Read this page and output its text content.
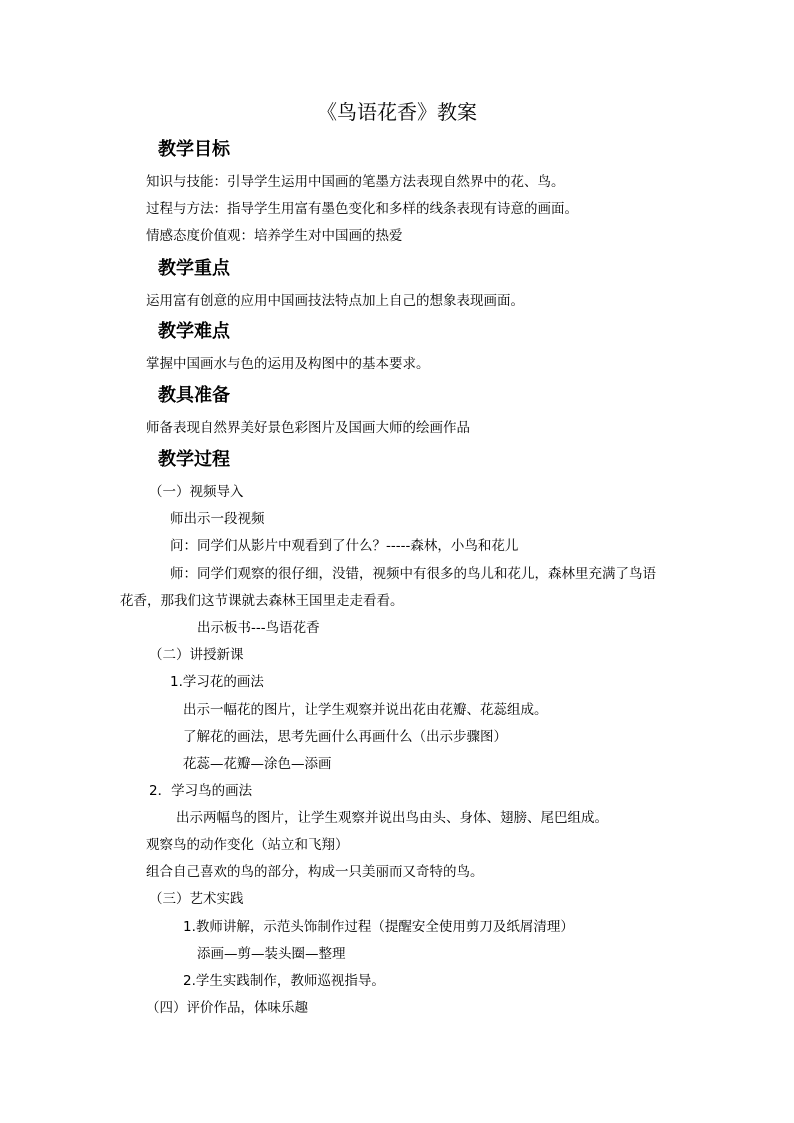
《鸟语花香》教案
教学目标
知识与技能：引导学生运用中国画的笔墨方法表现自然界中的花、鸟。
过程与方法：指导学生用富有墨色变化和多样的线条表现有诗意的画面。
情感态度价值观：培养学生对中国画的热爱
教学重点
运用富有创意的应用中国画技法特点加上自己的想象表现画面。
教学难点
掌握中国画水与色的运用及构图中的基本要求。
教具准备
师备表现自然界美好景色彩图片及国画大师的绘画作品
教学过程
（一）视频导入
师出示一段视频
问：同学们从影片中观看到了什么？-----森林，小鸟和花儿
师：同学们观察的很仔细，没错，视频中有很多的鸟儿和花儿，森林里充满了鸟语
花香，那我们这节课就去森林王国里走走看看。
出示板书---鸟语花香
（二）讲授新课
1.学习花的画法
出示一幅花的图片，让学生观察并说出花由花瓣、花蕊组成。
了解花的画法，思考先画什么再画什么（出示步骤图）
花蕊—花瓣—涂色—添画
2．学习鸟的画法
出示两幅鸟的图片，让学生观察并说出鸟由头、身体、翅膀、尾巴组成。
观察鸟的动作变化（站立和飞翔）
组合自己喜欢的鸟的部分，构成一只美丽而又奇特的鸟。
（三）艺术实践
1.教师讲解，示范头饰制作过程（提醒安全使用剪刀及纸屑清理）
添画—剪—装头圈—整理
2.学生实践制作，教师巡视指导。
（四）评价作品，体味乐趣
